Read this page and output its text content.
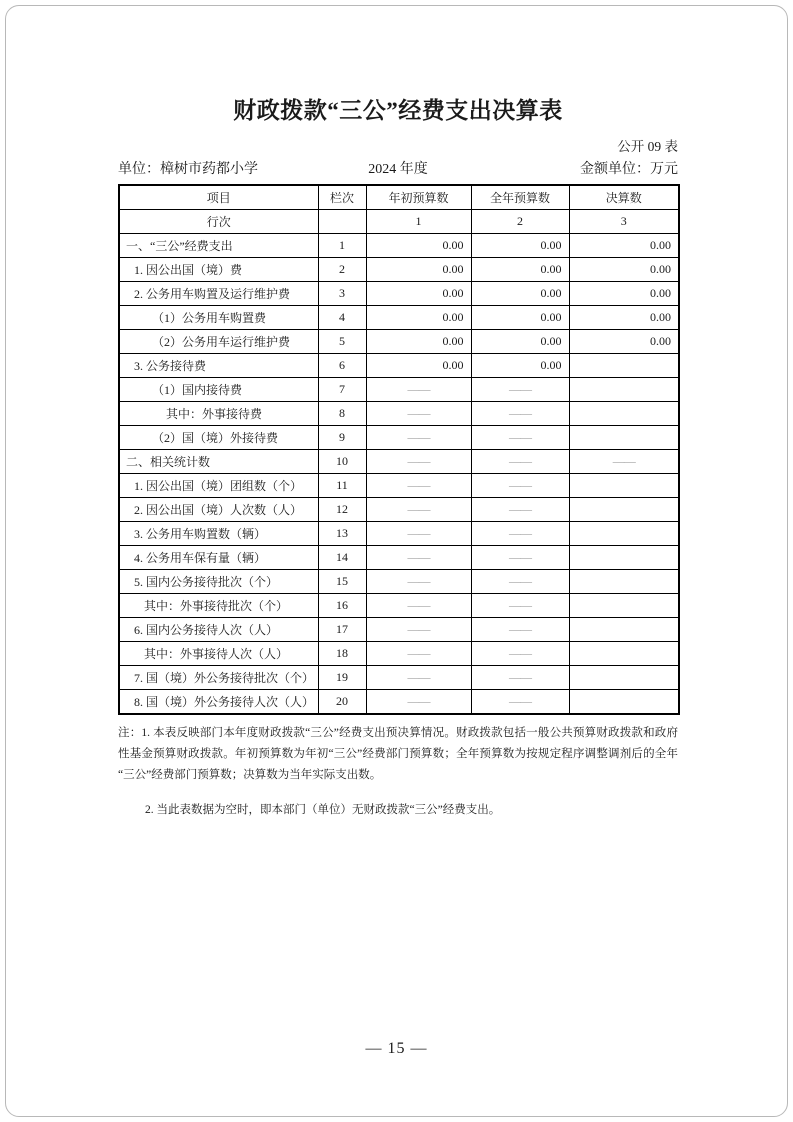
财政拨款“三公”经费支出决算表
公开 09 表
单位：樟树市药都小学	2024 年度	金额单位：万元
项目	栏次	年初预算数	全年预算数	决算数
行次		1	2	3
一、“三公”经费支出	1	0.00	0.00	0.00
1. 因公出国（境）费	2	0.00	0.00	0.00
2. 公务用车购置及运行维护费	3	0.00	0.00	0.00
（1）公务用车购置费	4	0.00	0.00	0.00
（2）公务用车运行维护费	5	0.00	0.00	0.00
3. 公务接待费	6	0.00	0.00	
（1）国内接待费	7	——	——	
其中：外事接待费	8	——	——	
（2）国（境）外接待费	9	——	——	
二、相关统计数	10	——	——	——
1. 因公出国（境）团组数（个）	11	——	——	
2. 因公出国（境）人次数（人）	12	——	——	
3. 公务用车购置数（辆）	13	——	——	
4. 公务用车保有量（辆）	14	——	——	
5. 国内公务接待批次（个）	15	——	——	
其中：外事接待批次（个）	16	——	——	
6. 国内公务接待人次（人）	17	——	——	
其中：外事接待人次（人）	18	——	——	
7. 国（境）外公务接待批次（个）	19	——	——	
8. 国（境）外公务接待人次（人）	20	——	——	
注：1. 本表反映部门本年度财政拨款“三公”经费支出预决算情况。财政拨款包括一般公共预算财政拨款和政府性基金预算财政拨款。年初预算数为年初“三公”经费部门预算数；全年预算数为按规定程序调整调剂后的全年“三公”经费部门预算数；决算数为当年实际支出数。
2. 当此表数据为空时，即本部门（单位）无财政拨款“三公”经费支出。
— 15 —
